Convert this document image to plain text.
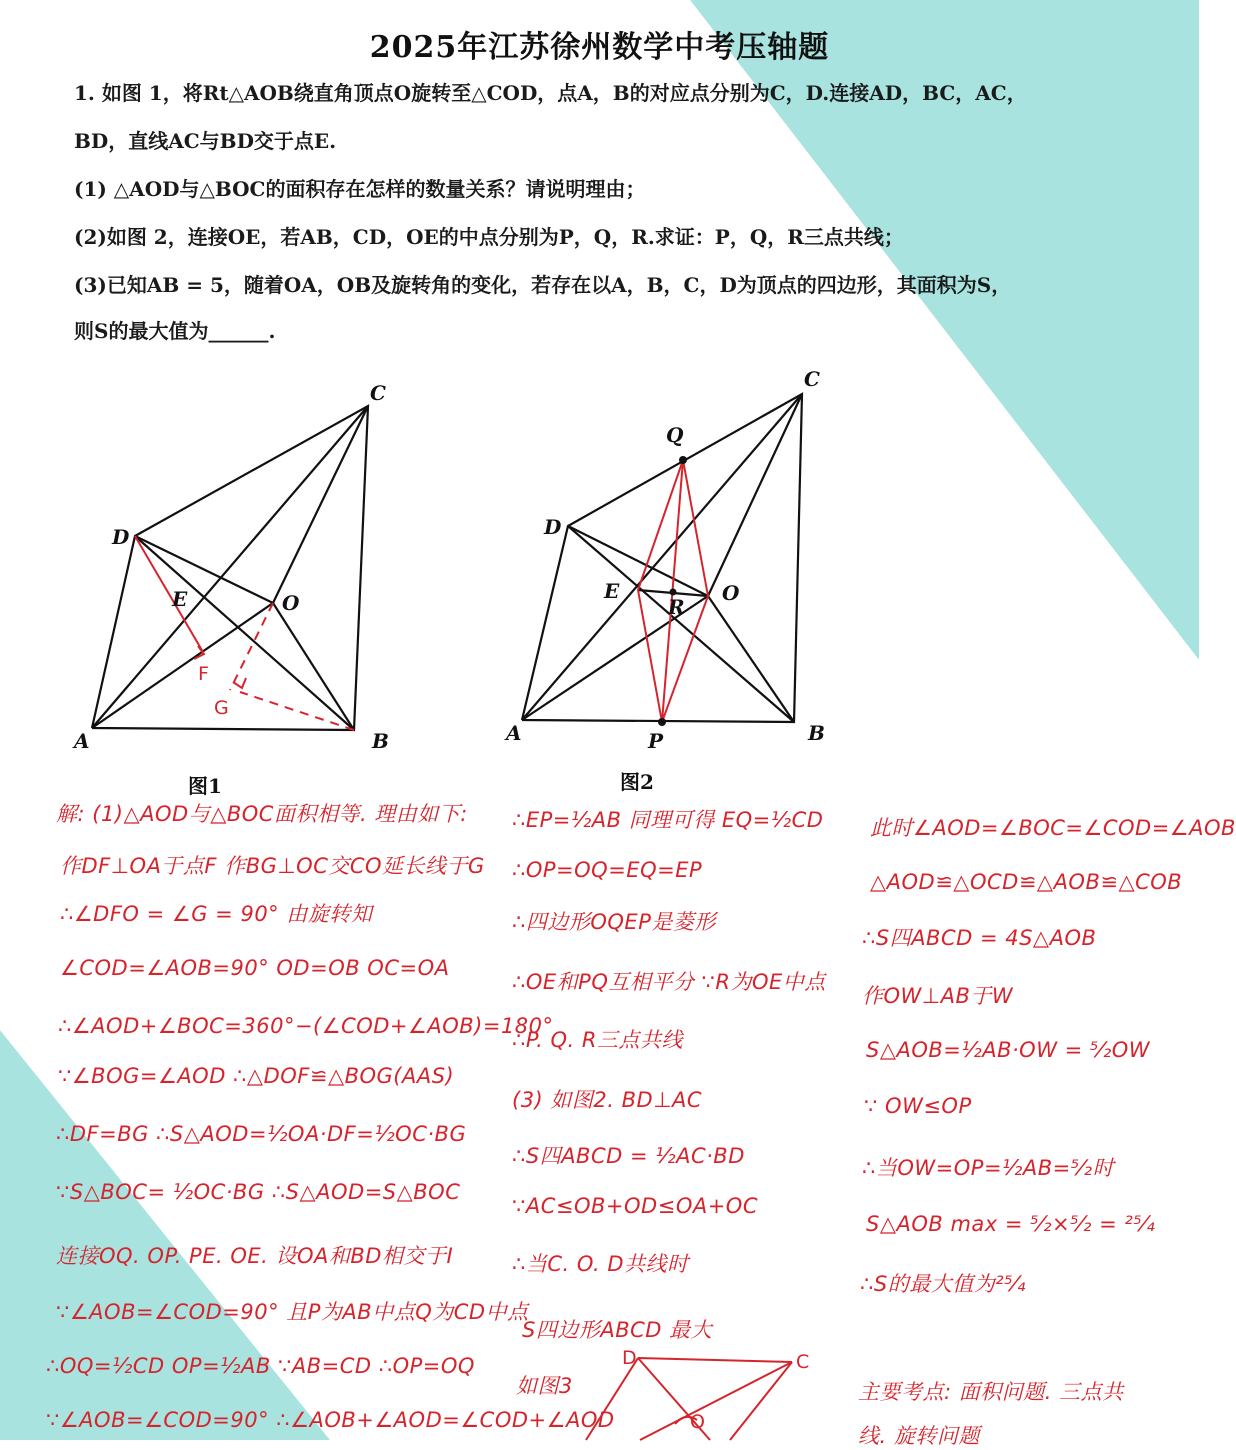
2025年江苏徐州数学中考压轴题
1. 如图 1，将Rt△AOB绕直角顶点O旋转至△COD，点A，B的对应点分别为C，D.连接AD，BC，AC，
BD，直线AC与BD交于点E.
(1) △AOD与△BOC的面积存在怎样的数量关系？请说明理由；
(2)如图 2，连接OE，若AB，CD，OE的中点分别为P，Q，R.求证：P，Q，R三点共线；
(3)已知AB = 5，随着OA，OB及旋转角的变化，若存在以A，B，C，D为顶点的四边形，其面积为S，
则S的最大值为______.
D
C
E	O
A	B
F
G
图1
D
C
Q
E
R
O
A	B
P
图2
解: (1)△AOD与△BOC面积相等. 理由如下:
作DF⊥OA于点F 作BG⊥OC交CO延长线于G
∴∠DFO = ∠G = 90° 由旋转知
∠COD=∠AOB=90° OD=OB OC=OA
∴∠AOD+∠BOC=360°−(∠COD+∠AOB)=180°
∵∠BOG=∠AOD ∴△DOF≌△BOG(AAS)
∴DF=BG ∴S△AOD=½OA·DF=½OC·BG
∵S△BOC= ½OC·BG ∴S△AOD=S△BOC
连接OQ. OP. PE. OE. 设OA和BD相交于I
∵∠AOB=∠COD=90° 且P为AB中点Q为CD中点
∴OQ=½CD OP=½AB ∵AB=CD ∴OP=OQ
∵∠AOB=∠COD=90° ∴∠AOB+∠AOD=∠COD+∠AOD
∴EP=½AB 同理可得 EQ=½CD
∴OP=OQ=EQ=EP
∴四边形OQEP是菱形
∴OE和PQ互相平分 ∵R为OE中点
∴P. Q. R三点共线
(3) 如图2. BD⊥AC
∴S四ABCD = ½AC·BD
∵AC≤OB+OD≤OA+OC
∴当C. O. D共线时
S四边形ABCD 最大
如图3
D	C
O
此时∠AOD=∠BOC=∠COD=∠AOB
△AOD≌△OCD≌△AOB≌△COB
∴S四ABCD = 4S△AOB
作OW⊥AB于W
S△AOB=½AB·OW = ⁵⁄₂OW
∵ OW≤OP
∴当OW=OP=½AB=⁵⁄₂时
S△AOB max = ⁵⁄₂×⁵⁄₂ = ²⁵⁄₄
∴S的最大值为²⁵⁄₄
主要考点: 面积问题. 三点共
线. 旋转问题
